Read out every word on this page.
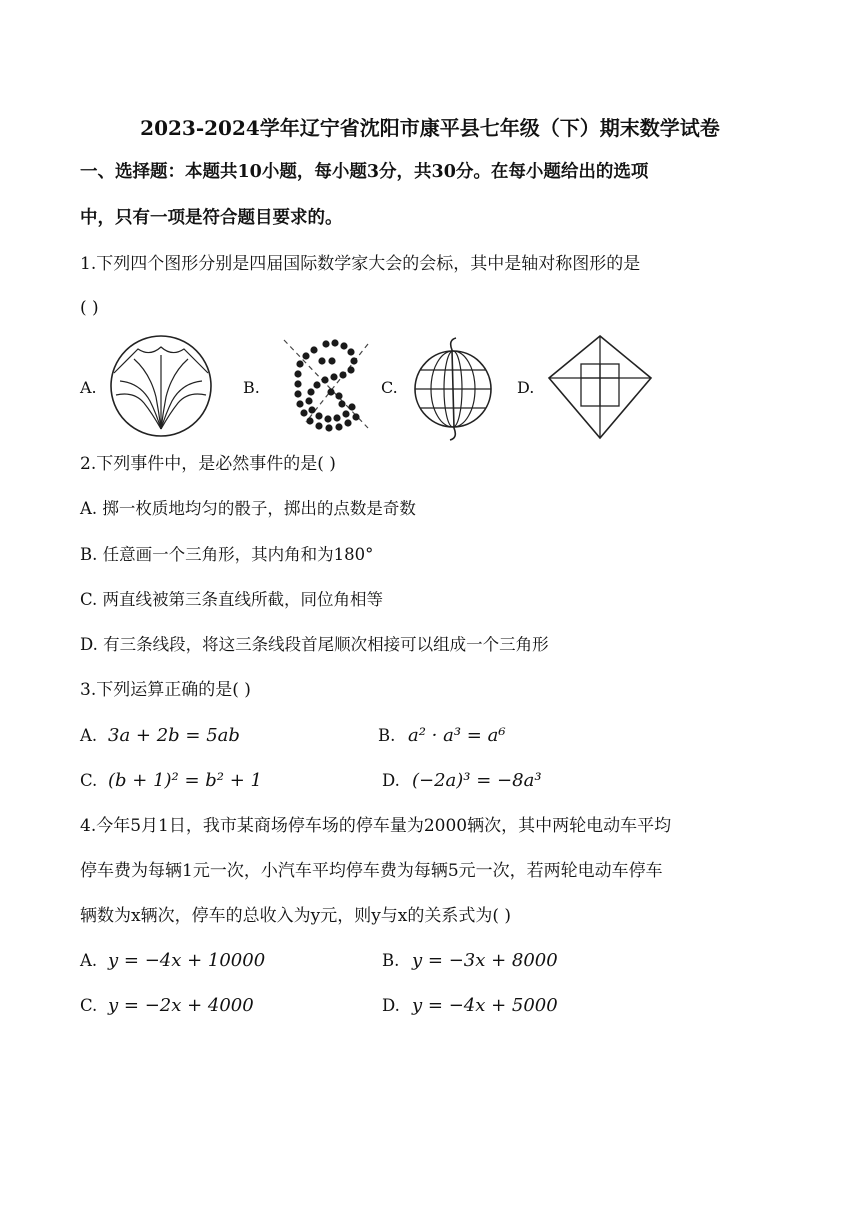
2023-2024学年辽宁省沈阳市康平县七年级（下）期末数学试卷
一、选择题：本题共10小题，每小题3分，共30分。在每小题给出的选项
中，只有一项是符合题目要求的。
1.下列四个图形分别是四届国际数学家大会的会标，其中是轴对称图形的是
( )
A.	B.	C.	D.
2.下列事件中，是必然事件的是( )
A. 掷一枚质地均匀的骰子，掷出的点数是奇数
B. 任意画一个三角形，其内角和为180°
C. 两直线被第三条直线所截，同位角相等
D. 有三条线段，将这三条线段首尾顺次相接可以组成一个三角形
3.下列运算正确的是( )
A. 3a + 2b = 5ab	B. a² · a³ = a⁶
C. (b + 1)² = b² + 1	D. (−2a)³ = −8a³
4.今年5月1日，我市某商场停车场的停车量为2000辆次，其中两轮电动车平均
停车费为每辆1元一次，小汽车平均停车费为每辆5元一次，若两轮电动车停车
辆数为x辆次，停车的总收入为y元，则y与x的关系式为( )
A. y = −4x + 10000	B. y = −3x + 8000
C. y = −2x + 4000	D. y = −4x + 5000
